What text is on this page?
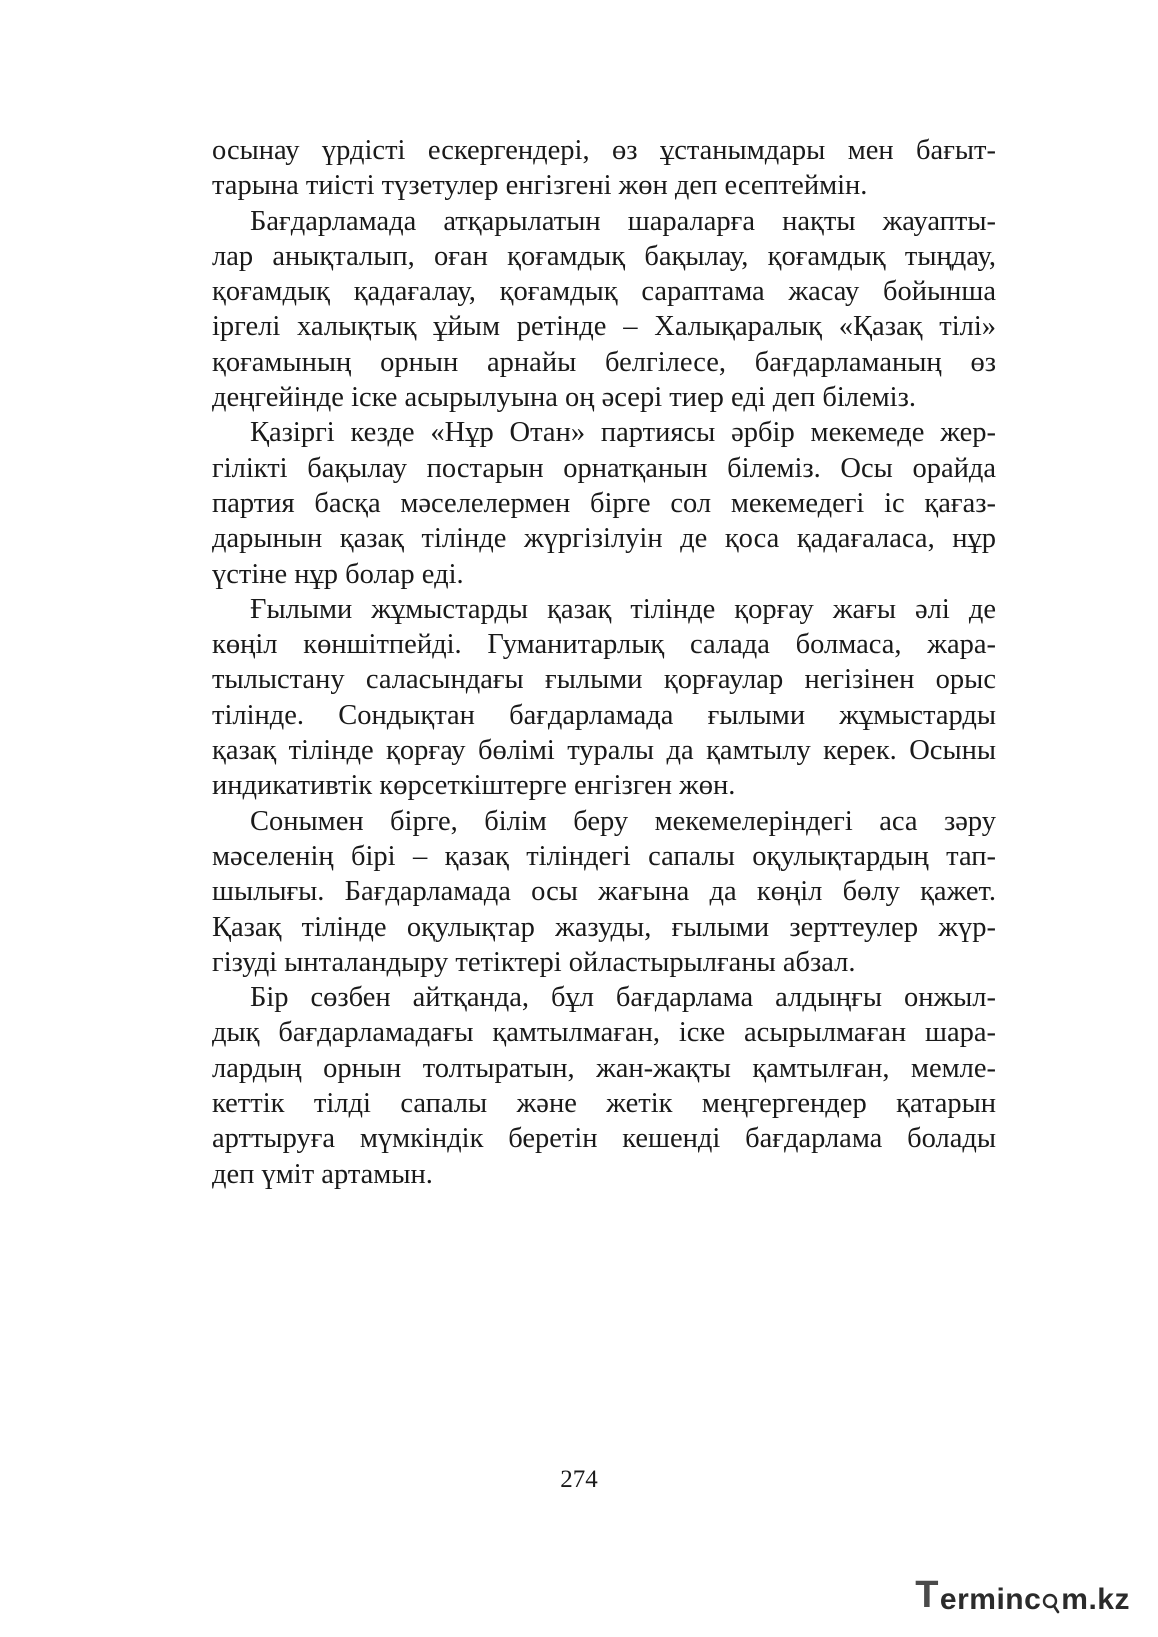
осынау үрдісті ескергендері, өз ұстанымдары мен бағыт-
тарына тиісті түзетулер енгізгені жөн деп есептеймін.
Бағдарламада атқарылатын шараларға нақты жауапты-
лар анықталып, оған қоғамдық бақылау, қоғамдық тыңдау,
қоғамдық қадағалау, қоғамдық сараптама жасау бойынша
іргелі халықтық ұйым ретінде – Халықаралық «Қазақ тілі»
қоғамының орнын арнайы белгілесе, бағдарламаның өз
деңгейінде іске асырылуына оң әсері тиер еді деп білеміз.
Қазіргі кезде «Нұр Отан» партиясы әрбір мекемеде жер-
гілікті бақылау постарын орнатқанын білеміз. Осы орайда
партия басқа мәселелермен бірге сол мекемедегі іс қағаз-
дарынын қазақ тілінде жүргізілуін де қоса қадағаласа, нұр
үстіне нұр болар еді.
Ғылыми жұмыстарды қазақ тілінде қорғау жағы әлі де
көңіл көншітпейді. Гуманитарлық салада болмаса, жара-
тылыстану саласындағы ғылыми қорғаулар негізінен орыс
тілінде. Сондықтан бағдарламада ғылыми жұмыстарды
қазақ тілінде қорғау бөлімі туралы да қамтылу керек. Осыны
индикативтік көрсеткіштерге енгізген жөн.
Сонымен бірге, білім беру мекемелеріндегі аса зәру
мәселенің бірі – қазақ тіліндегі сапалы оқулықтардың тап-
шылығы. Бағдарламада осы жағына да көңіл бөлу қажет.
Қазақ тілінде оқулықтар жазуды, ғылыми зерттеулер жүр-
гізуді ынталандыру тетіктері ойластырылғаны абзал.
Бір сөзбен айтқанда, бұл бағдарлама алдыңғы онжыл-
дық бағдарламадағы қамтылмаған, іске асырылмаған шара-
лардың орнын толтыратын, жан-жақты қамтылған, мемле-
кеттік тілді сапалы және жетік меңгергендер қатарын
арттыруға мүмкіндік беретін кешенді бағдарлама болады
деп үміт артамын.
274
T erminc m.kz
